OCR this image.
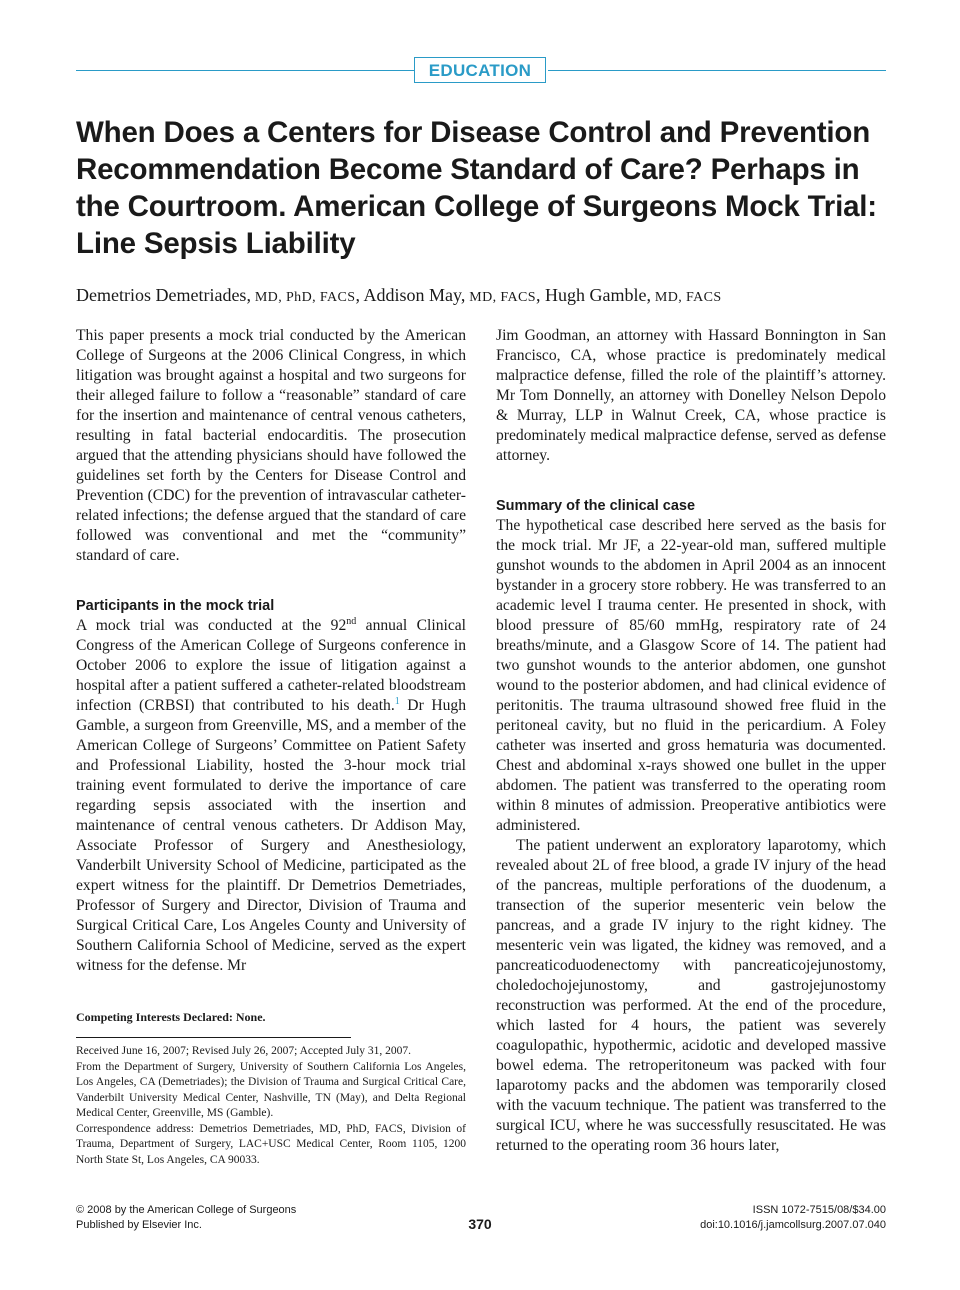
EDUCATION
When Does a Centers for Disease Control and Prevention Recommendation Become Standard of Care? Perhaps in the Courtroom. American College of Surgeons Mock Trial: Line Sepsis Liability
Demetrios Demetriades, MD, PhD, FACS, Addison May, MD, FACS, Hugh Gamble, MD, FACS

This paper presents a mock trial conducted by the American College of Surgeons at the 2006 Clinical Congress, in which litigation was brought against a hospital and two surgeons for their alleged failure to follow a “reasonable” standard of care for the insertion and maintenance of central venous catheters, resulting in fatal bacterial endocarditis. The prosecution argued that the attending physicians should have followed the guidelines set forth by the Centers for Disease Control and Prevention (CDC) for the prevention of intravascular catheter-related infections; the defense argued that the standard of care followed was conventional and met the “community” standard of care.

Participants in the mock trial

A mock trial was conducted at the 92nd annual Clinical Congress of the American College of Surgeons conference in October 2006 to explore the issue of litigation against a hospital after a patient suffered a catheter-related bloodstream infection (CRBSI) that contributed to his death.$^1$ Dr Hugh Gamble, a surgeon from Greenville, MS, and a member of the American College of Surgeons’ Committee on Patient Safety and Professional Liability, hosted the 3-hour mock trial training event formulated to derive the importance of care regarding sepsis associated with the insertion and maintenance of central venous catheters. Dr Addison May, Associate Professor of Surgery and Anesthesiology, Vanderbilt University School of Medicine, participated as the expert witness for the plaintiff. Dr Demetrios Demetriades, Professor of Surgery and Director, Division of Trauma and Surgical Critical Care, Los Angeles County and University of Southern California School of Medicine, served as the expert witness for the defense. Mr

Competing Interests Declared: None.

Received June 16, 2007; Revised July 26, 2007; Accepted July 31, 2007.

From the Department of Surgery, University of Southern California Los Angeles, Los Angeles, CA (Demetriades); the Division of Trauma and Surgical Critical Care, Vanderbilt University Medical Center, Nashville, TN (May), and Delta Regional Medical Center, Greenville, MS (Gamble).

Correspondence address: Demetrios Demetriades, MD, PhD, FACS, Division of Trauma, Department of Surgery, LAC+USC Medical Center, Room 1105, 1200 North State St, Los Angeles, CA 90033.

Jim Goodman, an attorney with Hassard Bonnington in San Francisco, CA, whose practice is predominately medical malpractice defense, filled the role of the plaintiff’s attorney. Mr Tom Donnelly, an attorney with Donelley Nelson Depolo & Murray, LLP in Walnut Creek, CA, whose practice is predominately medical malpractice defense, served as defense attorney.

Summary of the clinical case

The hypothetical case described here served as the basis for the mock trial. Mr JF, a 22-year-old man, suffered multiple gunshot wounds to the abdomen in April 2004 as an innocent bystander in a grocery store robbery. He was transferred to an academic level I trauma center. He presented in shock, with blood pressure of 85/60 mmHg, respiratory rate of 24 breaths/minute, and a Glasgow Score of 14. The patient had two gunshot wounds to the anterior abdomen, one gunshot wound to the posterior abdomen, and had clinical evidence of peritonitis. The trauma ultrasound showed free fluid in the peritoneal cavity, but no fluid in the pericardium. A Foley catheter was inserted and gross hematuria was documented. Chest and abdominal x-rays showed one bullet in the upper abdomen. The patient was transferred to the operating room within 8 minutes of admission. Preoperative antibiotics were administered.

The patient underwent an exploratory laparotomy, which revealed about 2L of free blood, a grade IV injury of the head of the pancreas, multiple perforations of the duodenum, a transection of the superior mesenteric vein below the pancreas, and a grade IV injury to the right kidney. The mesenteric vein was ligated, the kidney was removed, and a pancreaticoduodenectomy with pancreaticojejunostomy, choledochojejunostomy, and gastrojejunostomy reconstruction was performed. At the end of the procedure, which lasted for 4 hours, the patient was severely coagulopathic, hypothermic, acidotic and developed massive bowel edema. The retroperitoneum was packed with four laparotomy packs and the abdomen was temporarily closed with the vacuum technique. The patient was transferred to the surgical ICU, where he was successfully resuscitated. He was returned to the operating room 36 hours later,

© 2008 by the American College of Surgeons
Published by Elsevier Inc.	370
ISSN 1072-7515/08/$34.00
doi:10.1016/j.jamcollsurg.2007.07.040
